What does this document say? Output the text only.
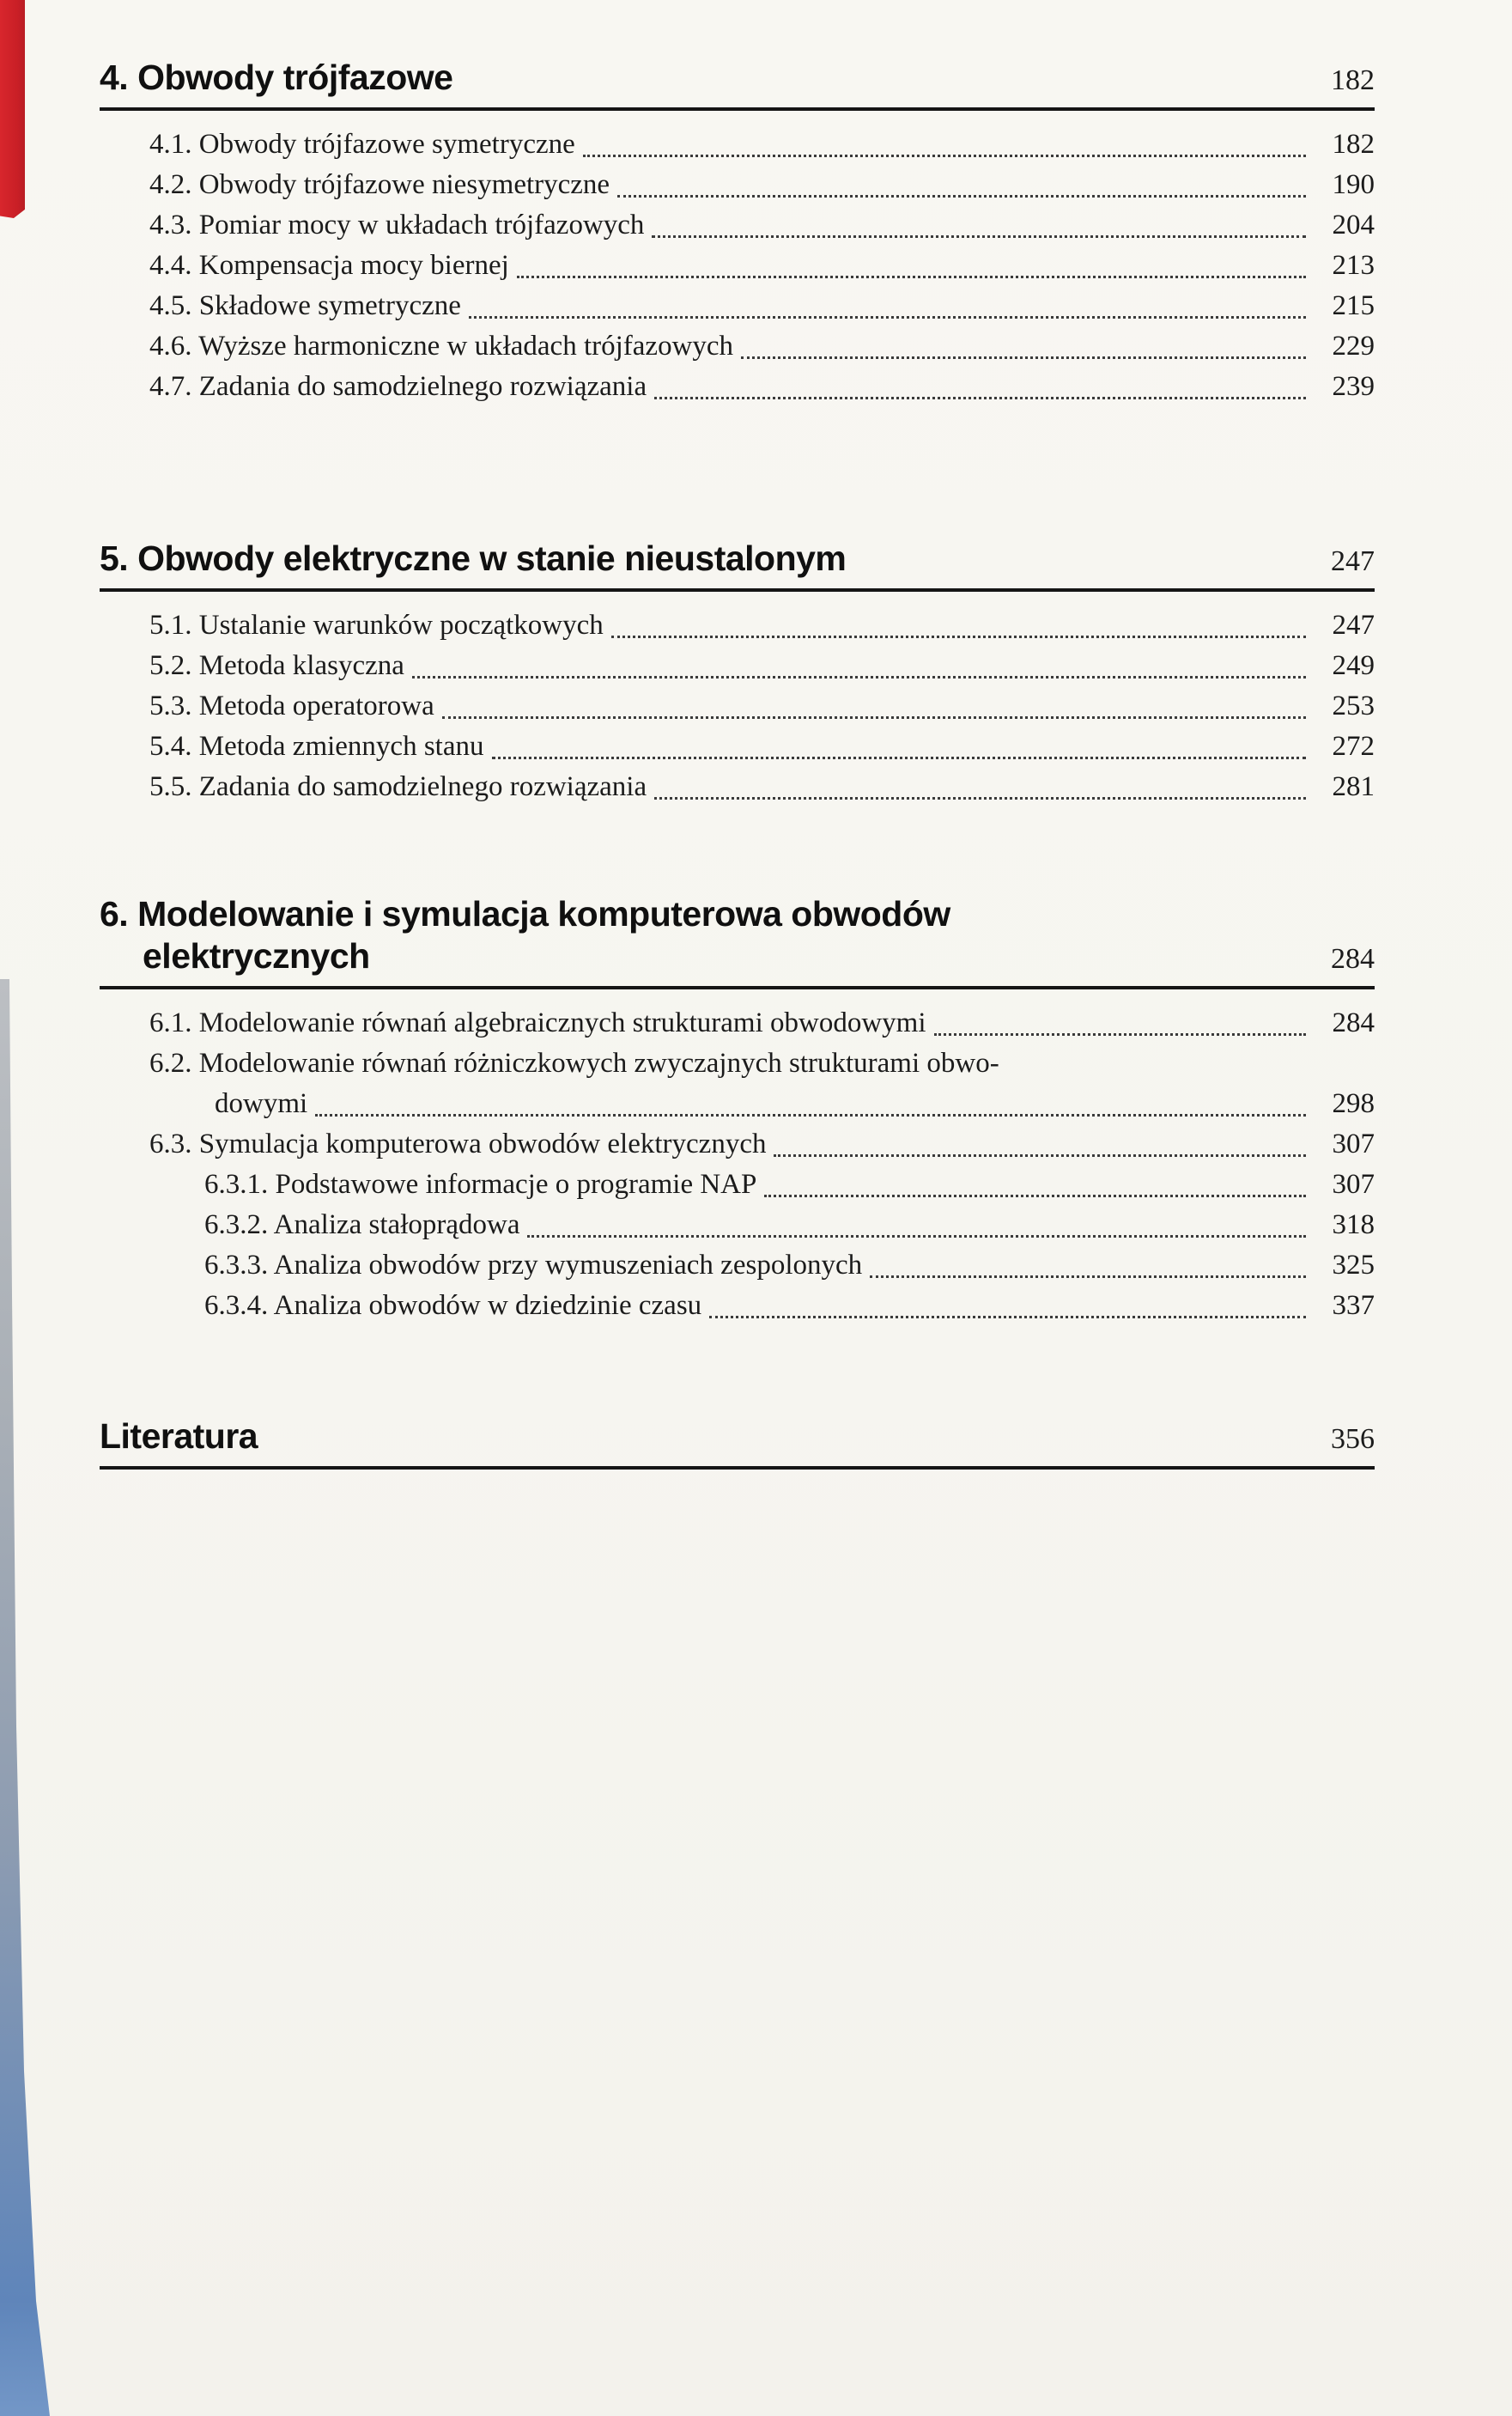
4. Obwody trójfazowe	182
4.1. Obwody trójfazowe symetryczne	182
4.2. Obwody trójfazowe niesymetryczne	190
4.3. Pomiar mocy w układach trójfazowych	204
4.4. Kompensacja mocy biernej	213
4.5. Składowe symetryczne	215
4.6. Wyższe harmoniczne w układach trójfazowych	229
4.7. Zadania do samodzielnego rozwiązania	239
5. Obwody elektryczne w stanie nieustalonym	247
5.1. Ustalanie warunków początkowych	247
5.2. Metoda klasyczna	249
5.3. Metoda operatorowa	253
5.4. Metoda zmiennych stanu	272
5.5. Zadania do samodzielnego rozwiązania	281
6. Modelowanie i symulacja komputerowa obwodów
elektrycznych	284
6.1. Modelowanie równań algebraicznych strukturami obwodowymi	284
6.2. Modelowanie równań różniczkowych zwyczajnych strukturami obwo-
dowymi	298
6.3. Symulacja komputerowa obwodów elektrycznych	307
6.3.1. Podstawowe informacje o programie NAP	307
6.3.2. Analiza stałoprądowa	318
6.3.3. Analiza obwodów przy wymuszeniach zespolonych	325
6.3.4. Analiza obwodów w dziedzinie czasu	337
Literatura	356
